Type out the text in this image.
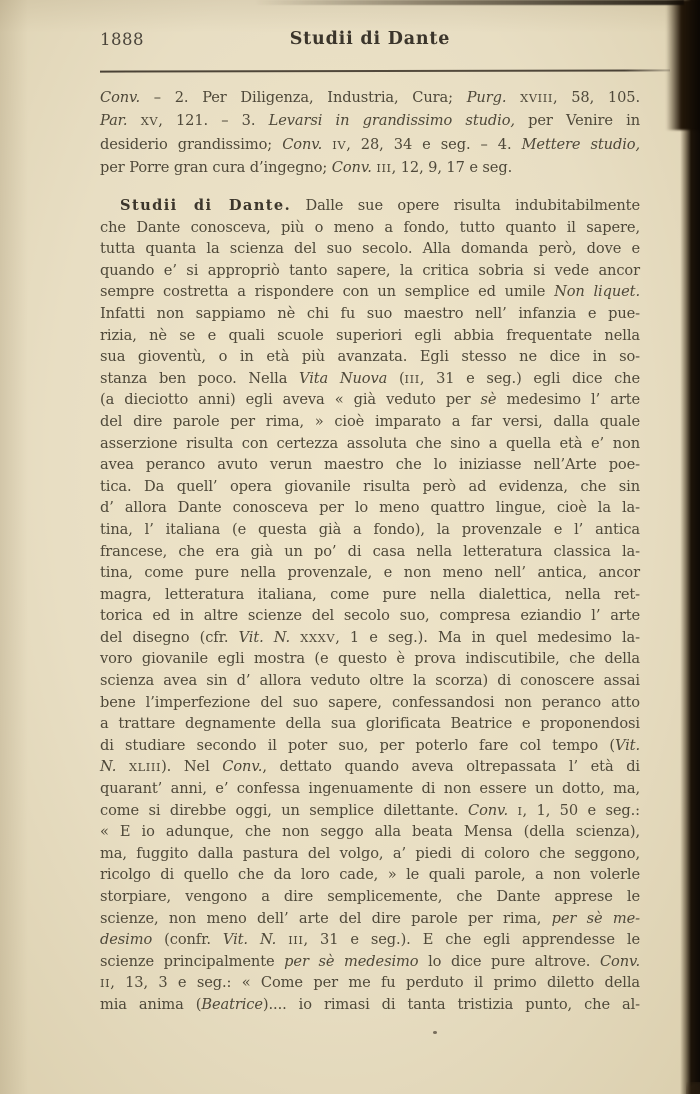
1888	Studii di Dante
Conv. – 2. Per Diligenza, Industria, Cura; Purg. XVIII, 58, 105.
Par. XV, 121. – 3. Levarsi in grandissimo studio, per Venire in
desiderio grandissimo; Conv. IV, 28, 34 e seg. – 4. Mettere studio,
per Porre gran cura d’ingegno; Conv. III, 12, 9, 17 e seg.
Studii di Dante. Dalle sue opere risulta indubitabilmente
che Dante conosceva, più o meno a fondo, tutto quanto il sapere,
tutta quanta la scienza del suo secolo. Alla domanda però, dove e
quando e’ si appropriò tanto sapere, la critica sobria si vede ancor
sempre costretta a rispondere con un semplice ed umile Non liquet.
Infatti non sappiamo nè chi fu suo maestro nell’ infanzia e pue-
rizia, nè se e quali scuole superiori egli abbia frequentate nella
sua gioventù, o in età più avanzata. Egli stesso ne dice in so-
stanza ben poco. Nella Vita Nuova (III, 31 e seg.) egli dice che
(a dieciotto anni) egli aveva « già veduto per sè medesimo l’ arte
del dire parole per rima, » cioè imparato a far versi, dalla quale
asserzione risulta con certezza assoluta che sino a quella età e’ non
avea peranco avuto verun maestro che lo iniziasse nell’Arte poe-
tica. Da quell’ opera giovanile risulta però ad evidenza, che sin
d’ allora Dante conosceva per lo meno quattro lingue, cioè la la-
tina, l’ italiana (e questa già a fondo), la provenzale e l’ antica
francese, che era già un po’ di casa nella letteratura classica la-
tina, come pure nella provenzale, e non meno nell’ antica, ancor
magra, letteratura italiana, come pure nella dialettica, nella ret-
torica ed in altre scienze del secolo suo, compresa eziandio l’ arte
del disegno (cfr. Vit. N. XXXV, 1 e seg.). Ma in quel medesimo la-
voro giovanile egli mostra (e questo è prova indiscutibile, che della
scienza avea sin d’ allora veduto oltre la scorza) di conoscere assai
bene l’imperfezione del suo sapere, confessandosi non peranco atto
a trattare degnamente della sua glorificata Beatrice e proponendosi
di studiare secondo il poter suo, per poterlo fare col tempo (Vit.
N. XLIII). Nel Conv., dettato quando aveva oltrepassata l’ età di
quarant’ anni, e’ confessa ingenuamente di non essere un dotto, ma,
come si direbbe oggi, un semplice dilettante. Conv. I, 1, 50 e seg.:
« E io adunque, che non seggo alla beata Mensa (della scienza),
ma, fuggito dalla pastura del volgo, a’ piedi di coloro che seggono,
ricolgo di quello che da loro cade, » le quali parole, a non volerle
storpiare, vengono a dire semplicemente, che Dante apprese le
scienze, non meno dell’ arte del dire parole per rima, per sè me-
desimo (confr. Vit. N. III, 31 e seg.). E che egli apprendesse le
scienze principalmente per sè medesimo lo dice pure altrove. Conv.
II, 13, 3 e seg.: « Come per me fu perduto il primo diletto della
mia anima (Beatrice).... io rimasi di tanta tristizia punto, che al-
